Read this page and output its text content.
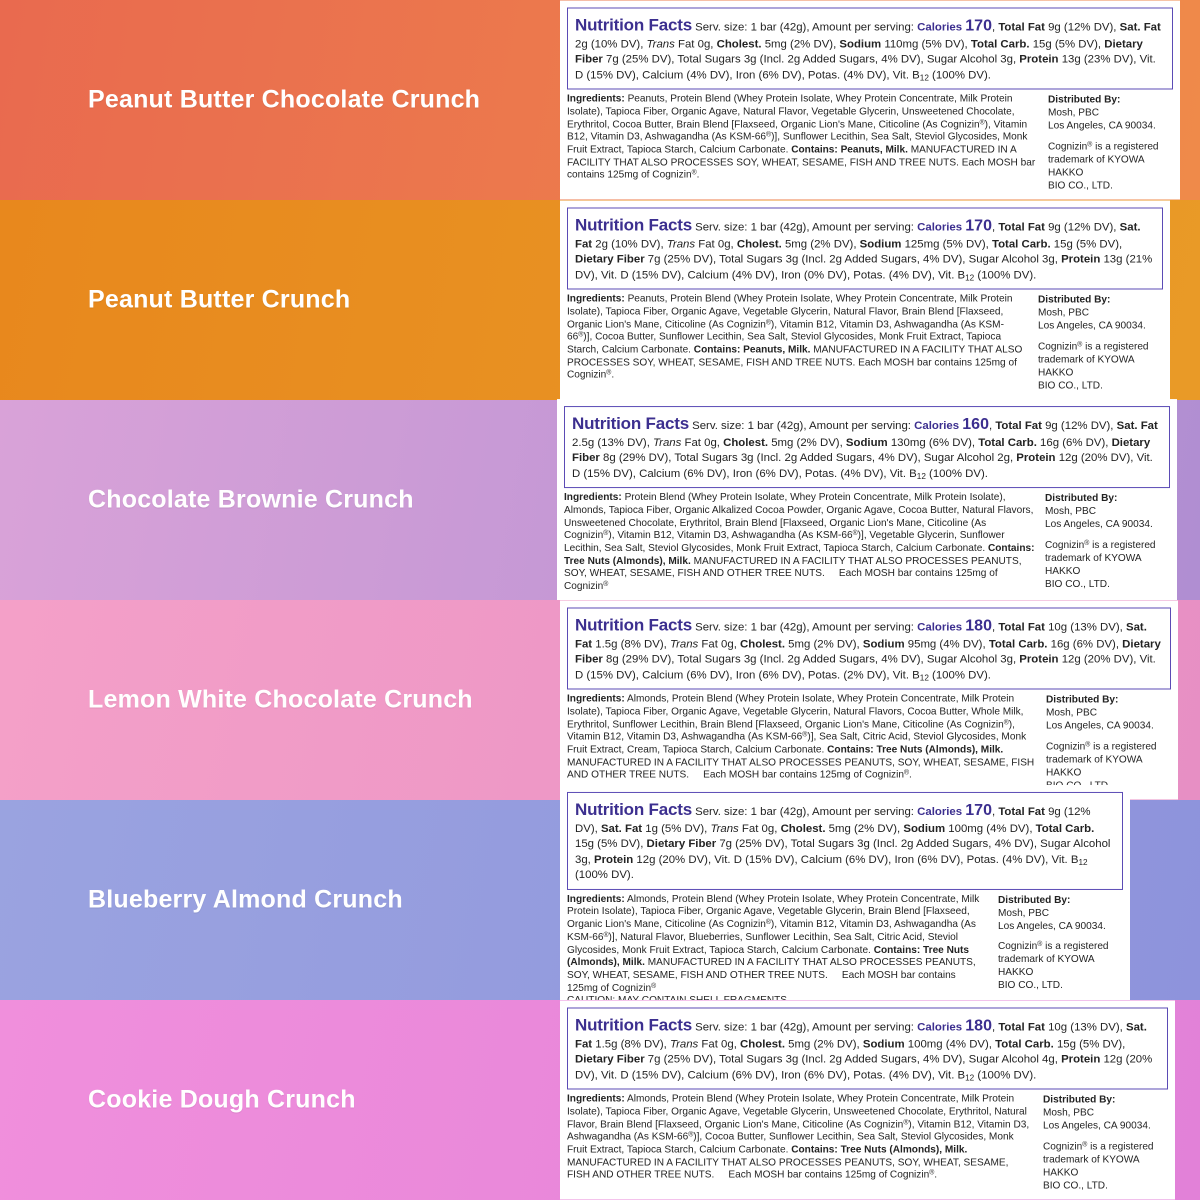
Peanut Butter Chocolate Crunch
Nutrition Facts Serv. size: 1 bar (42g), Amount per serving: Calories 170, Total Fat 9g (12% DV), Sat. Fat 2g (10% DV), Trans Fat 0g, Cholest. 5mg (2% DV), Sodium 110mg (5% DV), Total Carb. 15g (5% DV), Dietary Fiber 7g (25% DV), Total Sugars 3g (Incl. 2g Added Sugars, 4% DV), Sugar Alcohol 3g, Protein 13g (23% DV), Vit. D (15% DV), Calcium (4% DV), Iron (6% DV), Potas. (4% DV), Vit. $B_{12}$ (100% DV).
Ingredients: Peanuts, Protein Blend (Whey Protein Isolate, Whey Protein Concentrate, Milk Protein Isolate), Tapioca Fiber, Organic Agave, Natural Flavor, Vegetable Glycerin, Unsweetened Chocolate, Erythritol, Cocoa Butter, Brain Blend [Flaxseed, Organic Lion's Mane, Citicoline (As Cognizin®), Vitamin B12, Vitamin D3, Ashwagandha (As KSM-66®)], Sunflower Lecithin, Sea Salt, Steviol Glycosides, Monk Fruit Extract, Tapioca Starch, Calcium Carbonate. Contains: Peanuts, Milk. MANUFACTURED IN A FACILITY THAT ALSO PROCESSES SOY, WHEAT, SESAME, FISH AND TREE NUTS. Each MOSH bar contains 125mg of Cognizin®.
Distributed By:
Mosh, PBC
Los Angeles, CA 90034.
Cognizin® is a registered
trademark of KYOWA HAKKO
BIO CO., LTD.
Peanut Butter Crunch
Nutrition Facts Serv. size: 1 bar (42g), Amount per serving: Calories 170, Total Fat 9g (12% DV), Sat. Fat 2g (10% DV), Trans Fat 0g, Cholest. 5mg (2% DV), Sodium 125mg (5% DV), Total Carb. 15g (5% DV), Dietary Fiber 7g (25% DV), Total Sugars 3g (Incl. 2g Added Sugars, 4% DV), Sugar Alcohol 3g, Protein 13g (21% DV), Vit. D (15% DV), Calcium (4% DV), Iron (0% DV), Potas. (4% DV), Vit. $B_{12}$ (100% DV).
Ingredients: Peanuts, Protein Blend (Whey Protein Isolate, Whey Protein Concentrate, Milk Protein Isolate), Tapioca Fiber, Organic Agave, Vegetable Glycerin, Natural Flavor, Brain Blend [Flaxseed, Organic Lion's Mane, Citicoline (As Cognizin®), Vitamin B12, Vitamin D3, Ashwagandha (As KSM-66®)], Cocoa Butter, Sunflower Lecithin, Sea Salt, Steviol Glycosides, Monk Fruit Extract, Tapioca Starch, Calcium Carbonate. Contains: Peanuts, Milk. MANUFACTURED IN A FACILITY THAT ALSO PROCESSES SOY, WHEAT, SESAME, FISH AND TREE NUTS. Each MOSH bar contains 125mg of Cognizin®.
Distributed By:
Mosh, PBC
Los Angeles, CA 90034.
Cognizin® is a registered
trademark of KYOWA HAKKO
BIO CO., LTD.
Chocolate Brownie Crunch
Nutrition Facts Serv. size: 1 bar (42g), Amount per serving: Calories 160, Total Fat 9g (12% DV), Sat. Fat 2.5g (13% DV), Trans Fat 0g, Cholest. 5mg (2% DV), Sodium 130mg (6% DV), Total Carb. 16g (6% DV), Dietary Fiber 8g (29% DV), Total Sugars 3g (Incl. 2g Added Sugars, 4% DV), Sugar Alcohol 2g, Protein 12g (20% DV), Vit. D (15% DV), Calcium (6% DV), Iron (6% DV), Potas. (4% DV), Vit. $B_{12}$ (100% DV).
Ingredients: Protein Blend (Whey Protein Isolate, Whey Protein Concentrate, Milk Protein Isolate), Almonds, Tapioca Fiber, Organic Alkalized Cocoa Powder, Organic Agave, Cocoa Butter, Natural Flavors, Unsweetened Chocolate, Erythritol, Brain Blend [Flaxseed, Organic Lion's Mane, Citicoline (As Cognizin®), Vitamin B12, Vitamin D3, Ashwagandha (As KSM-66®)], Vegetable Glycerin, Sunflower Lecithin, Sea Salt, Steviol Glycosides, Monk Fruit Extract, Tapioca Starch, Calcium Carbonate. Contains: Tree Nuts (Almonds), Milk. MANUFACTURED IN A FACILITY THAT ALSO PROCESSES PEANUTS, SOY, WHEAT, SESAME, FISH AND OTHER TREE NUTS. Each MOSH bar contains 125mg of Cognizin®
Distributed By:
Mosh, PBC
Los Angeles, CA 90034.
Cognizin® is a registered
trademark of KYOWA HAKKO
BIO CO., LTD.
Lemon White Chocolate Crunch
Nutrition Facts Serv. size: 1 bar (42g), Amount per serving: Calories 180, Total Fat 10g (13% DV), Sat. Fat 1.5g (8% DV), Trans Fat 0g, Cholest. 5mg (2% DV), Sodium 95mg (4% DV), Total Carb. 16g (6% DV), Dietary Fiber 8g (29% DV), Total Sugars 3g (Incl. 2g Added Sugars, 4% DV), Sugar Alcohol 3g, Protein 12g (20% DV), Vit. D (15% DV), Calcium (6% DV), Iron (6% DV), Potas. (2% DV), Vit. $B_{12}$ (100% DV).
Ingredients: Almonds, Protein Blend (Whey Protein Isolate, Whey Protein Concentrate, Milk Protein Isolate), Tapioca Fiber, Organic Agave, Vegetable Glycerin, Natural Flavors, Cocoa Butter, Whole Milk, Erythritol, Sunflower Lecithin, Brain Blend [Flaxseed, Organic Lion's Mane, Citicoline (As Cognizin®), Vitamin B12, Vitamin D3, Ashwagandha (As KSM-66®)], Sea Salt, Citric Acid, Steviol Glycosides, Monk Fruit Extract, Cream, Tapioca Starch, Calcium Carbonate. Contains: Tree Nuts (Almonds), Milk. MANUFACTURED IN A FACILITY THAT ALSO PROCESSES PEANUTS, SOY, WHEAT, SESAME, FISH AND OTHER TREE NUTS. Each MOSH bar contains 125mg of Cognizin®.
Distributed By:
Mosh, PBC
Los Angeles, CA 90034.
Cognizin® is a registered
trademark of KYOWA HAKKO
Blueberry Almond Crunch
Nutrition Facts Serv. size: 1 bar (42g), Amount per serving: Calories 170, Total Fat 9g (12% DV), Sat. Fat 1g (5% DV), Trans Fat 0g, Cholest. 5mg (2% DV), Sodium 100mg (4% DV), Total Carb. 15g (5% DV), Dietary Fiber 7g (25% DV), Total Sugars 3g (Incl. 2g Added Sugars, 4% DV), Sugar Alcohol 3g, Protein 12g (20% DV), Vit. D (15% DV), Calcium (6% DV), Iron (6% DV), Potas. (4% DV), Vit. $B_{12}$ (100% DV).
Ingredients: Almonds, Protein Blend (Whey Protein Isolate, Whey Protein Concentrate, Milk Protein Isolate), Tapioca Fiber, Organic Agave, Vegetable Glycerin, Brain Blend [Flaxseed, Organic Lion's Mane, Citicoline (As Cognizin®), Vitamin B12, Vitamin D3, Ashwagandha (As KSM-66®)], Natural Flavor, Blueberries, Sunflower Lecithin, Sea Salt, Citric Acid, Steviol Glycosides, Monk Fruit Extract, Tapioca Starch, Calcium Carbonate. Contains: Tree Nuts (Almonds), Milk. MANUFACTURED IN A FACILITY THAT ALSO PROCESSES PEANUTS, SOY, WHEAT, SESAME, FISH AND OTHER TREE NUTS. Each MOSH bar contains 125mg of Cognizin®
Distributed By:
Mosh, PBC
Los Angeles, CA 90034.
Cognizin® is a registered
trademark of KYOWA HAKKO
BIO CO., LTD.
Cookie Dough Crunch
Nutrition Facts Serv. size: 1 bar (42g), Amount per serving: Calories 180, Total Fat 10g (13% DV), Sat. Fat 1.5g (8% DV), Trans Fat 0g, Cholest. 5mg (2% DV), Sodium 100mg (4% DV), Total Carb. 15g (5% DV), Dietary Fiber 7g (25% DV), Total Sugars 3g (Incl. 2g Added Sugars, 4% DV), Sugar Alcohol 4g, Protein 12g (20% DV), Vit. D (15% DV), Calcium (6% DV), Iron (6% DV), Potas. (4% DV), Vit. $B_{12}$ (100% DV).
Ingredients: Almonds, Protein Blend (Whey Protein Isolate, Whey Protein Concentrate, Milk Protein Isolate), Tapioca Fiber, Organic Agave, Vegetable Glycerin, Unsweetened Chocolate, Erythritol, Natural Flavor, Brain Blend [Flaxseed, Organic Lion's Mane, Citicoline (As Cognizin®), Vitamin B12, Vitamin D3, Ashwagandha (As KSM-66®)], Cocoa Butter, Sunflower Lecithin, Sea Salt, Steviol Glycosides, Monk Fruit Extract, Tapioca Starch, Calcium Carbonate. Contains: Tree Nuts (Almonds), Milk. MANUFACTURED IN A FACILITY THAT ALSO PROCESSES PEANUTS, SOY, WHEAT, SESAME, FISH AND OTHER TREE NUTS. Each MOSH bar contains 125mg of Cognizin®.
Distributed By:
Mosh, PBC
Los Angeles, CA 90034.
Cognizin® is a registered
trademark of KYOWA HAKKO
BIO CO., LTD.
